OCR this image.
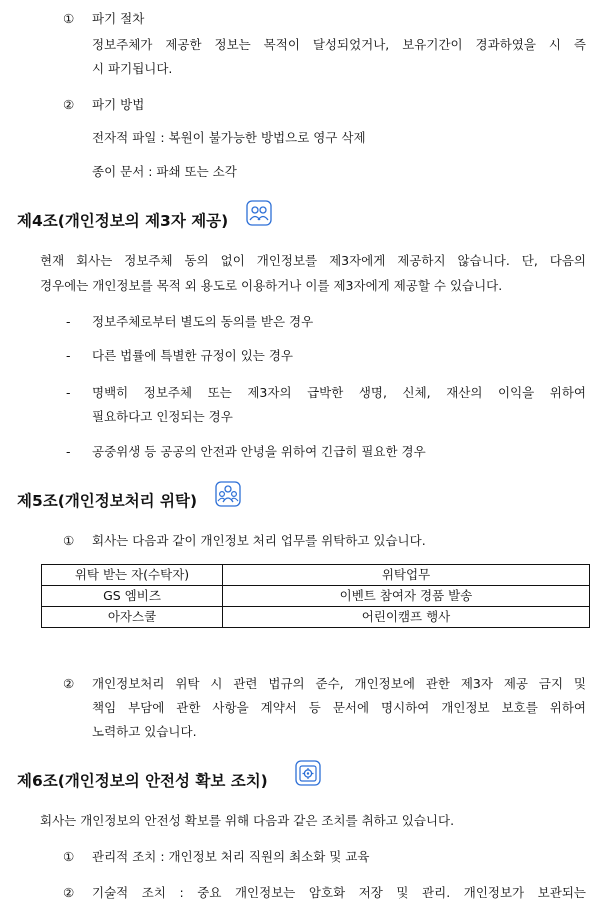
① 파기 절차
정보주체가 제공한 정보는 목적이 달성되었거나, 보유기간이 경과하였을 시 즉
시 파기됩니다.
② 파기 방법
전자적 파일 : 복원이 불가능한 방법으로 영구 삭제
종이 문서 : 파쇄 또는 소각
제4조(개인정보의 제3자 제공)
현재 회사는 정보주체 동의 없이 개인정보를 제3자에게 제공하지 않습니다. 단, 다음의
경우에는 개인정보를 목적 외 용도로 이용하거나 이를 제3자에게 제공할 수 있습니다.
- 정보주체로부터 별도의 동의를 받은 경우
- 다른 법률에 특별한 규정이 있는 경우
- 명백히 정보주체 또는 제3자의 급박한 생명, 신체, 재산의 이익을 위하여
필요하다고 인정되는 경우
- 공중위생 등 공공의 안전과 안녕을 위하여 긴급히 필요한 경우
제5조(개인정보처리 위탁)
① 회사는 다음과 같이 개인정보 처리 업무를 위탁하고 있습니다.
위탁 받는 자(수탁자)	위탁업무
GS 엠비즈	이벤트 참여자 경품 발송
아자스쿨	어린이캠프 행사
② 개인정보처리 위탁 시 관련 법규의 준수, 개인정보에 관한 제3자 제공 금지 및
책임 부담에 관한 사항을 계약서 등 문서에 명시하여 개인정보 보호를 위하여
노력하고 있습니다.
제6조(개인정보의 안전성 확보 조치)
회사는 개인정보의 안전성 확보를 위해 다음과 같은 조치를 취하고 있습니다.
① 관리적 조치 : 개인정보 처리 직원의 최소화 및 교육
② 기술적 조치 : 중요 개인정보는 암호화 저장 및 관리. 개인정보가 보관되는
